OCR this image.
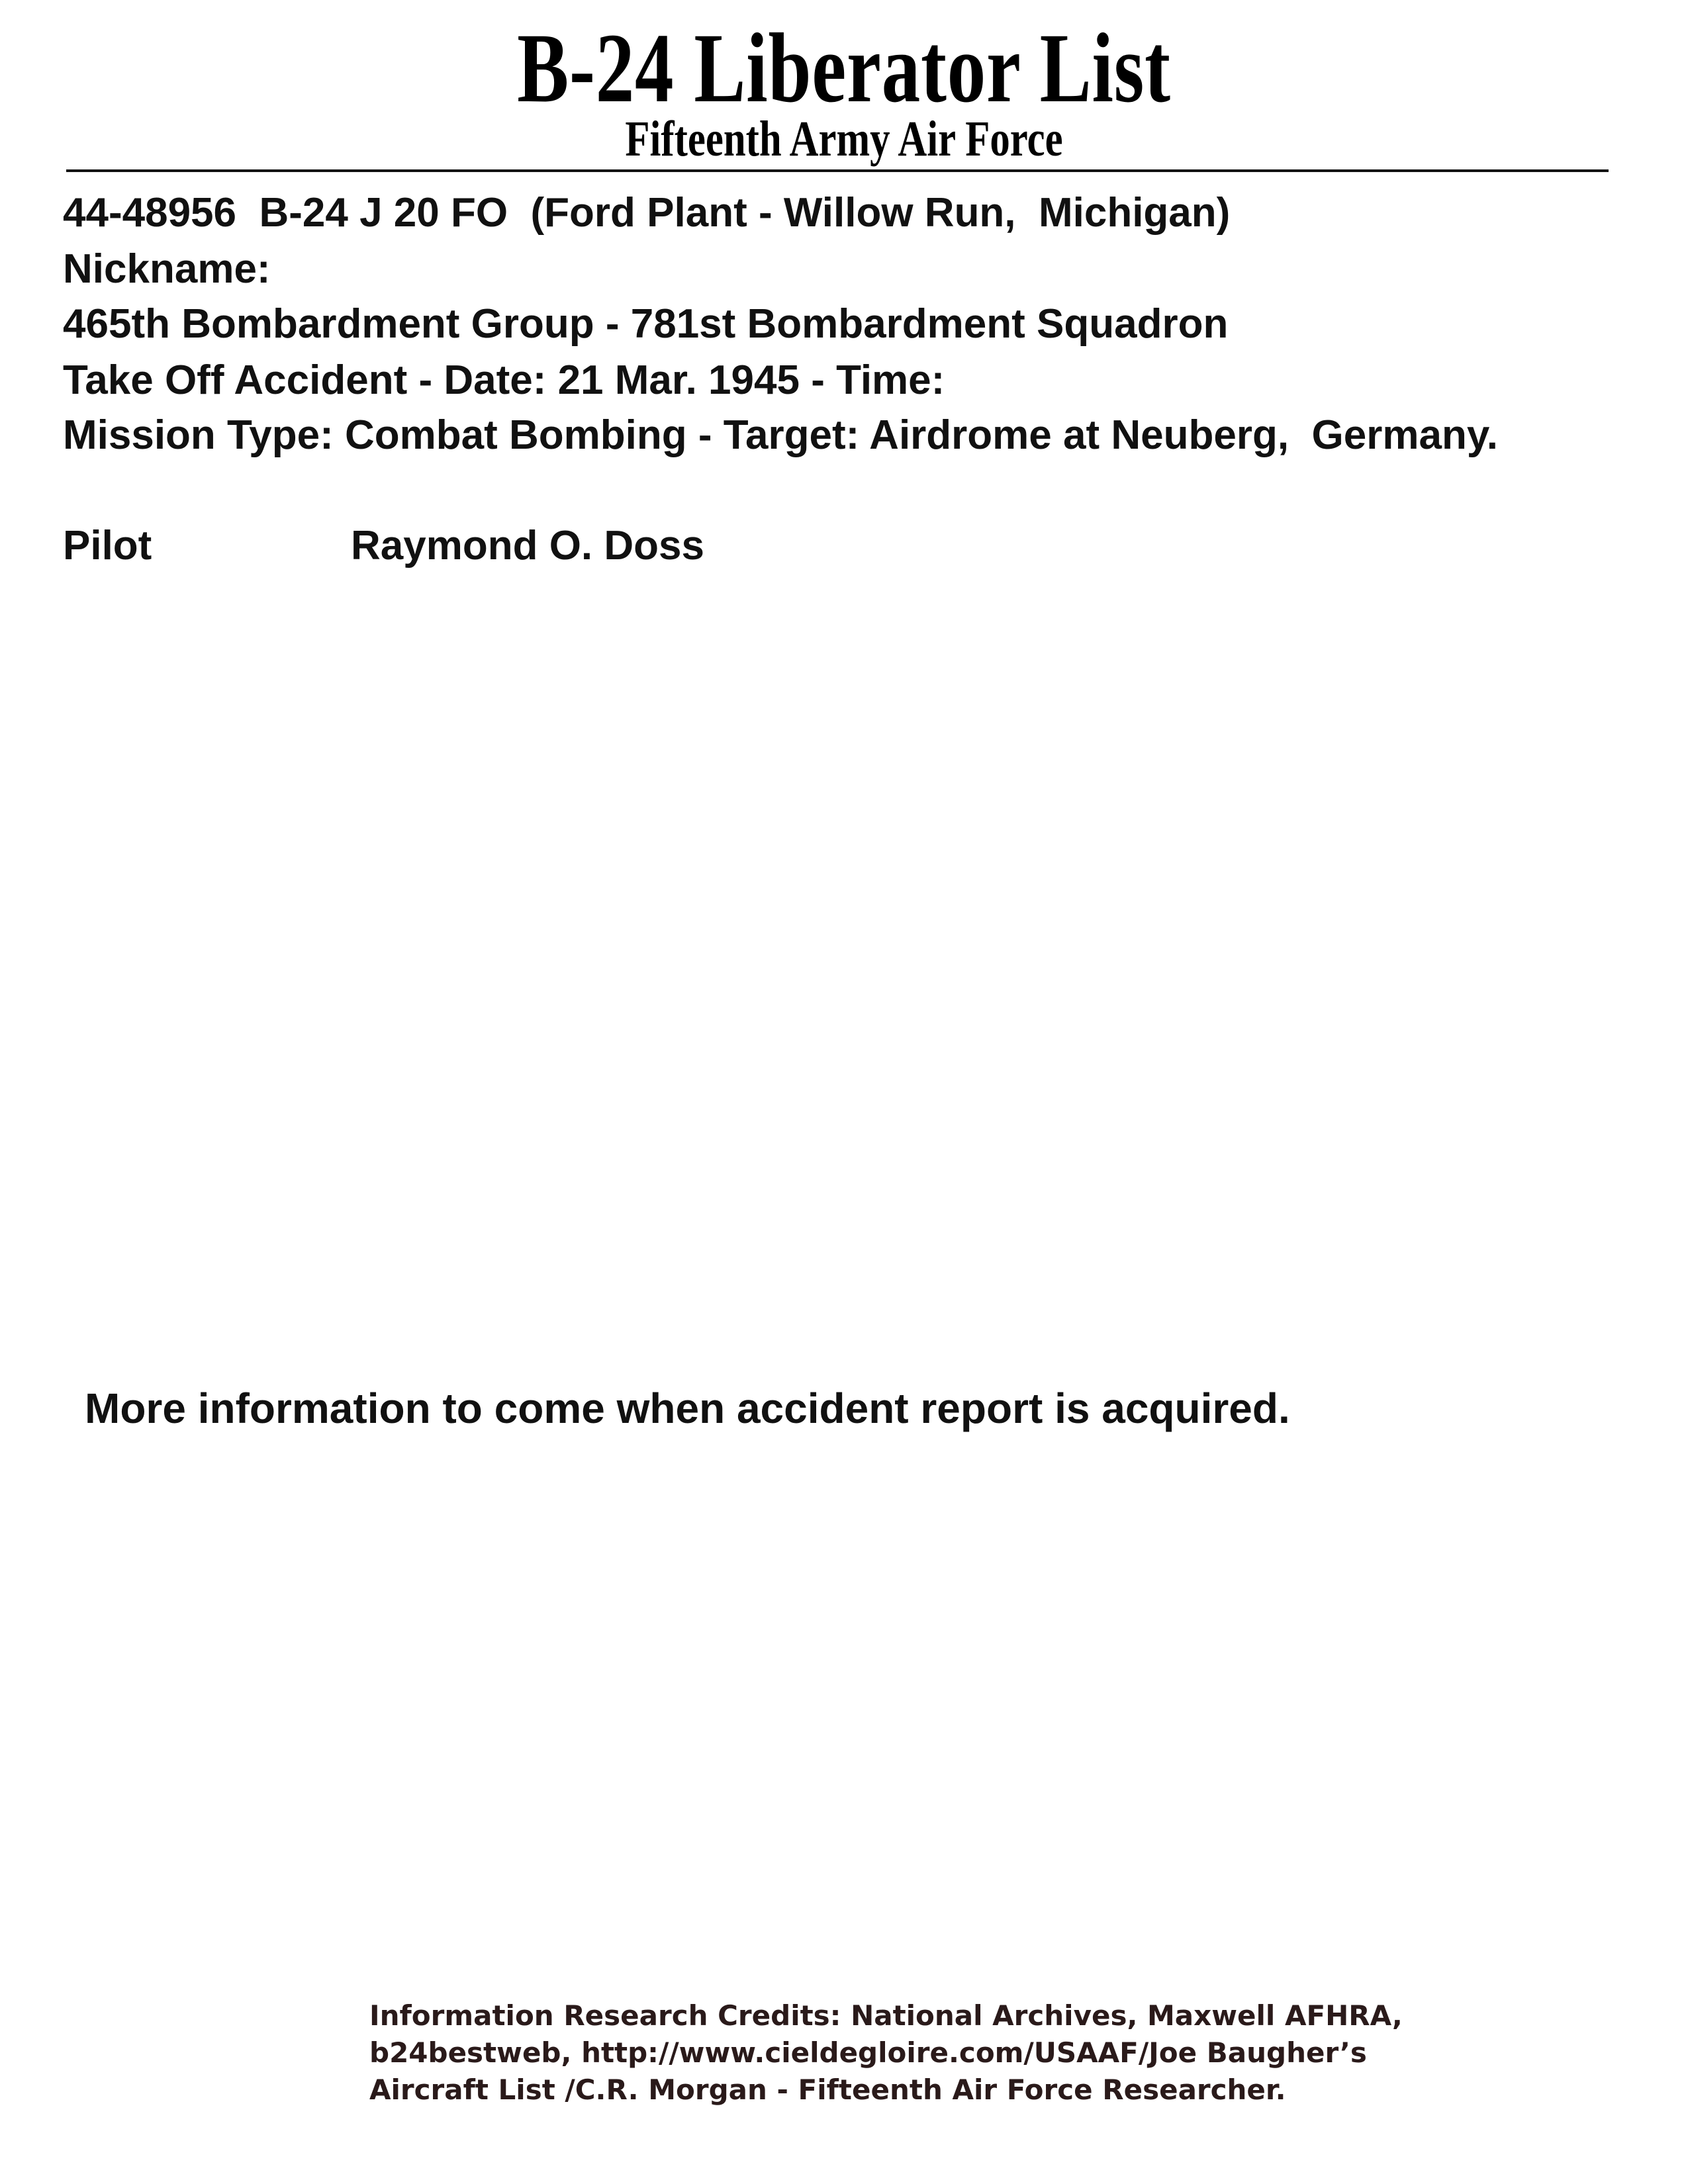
B-24 Liberator List
Fifteenth Army Air Force
44-48956  B-24 J 20 FO  (Ford Plant - Willow Run,  Michigan)
Nickname:
465th Bombardment Group - 781st Bombardment Squadron
Take Off Accident - Date: 21 Mar. 1945 - Time:
Mission Type: Combat Bombing - Target: Airdrome at Neuberg,  Germany.
Pilot	Raymond O. Doss
More information to come when accident report is acquired.
Information Research Credits: National Archives, Maxwell AFHRA,
b24bestweb, http://www.cieldegloire.com/USAAF/Joe Baugher’s
Aircraft List /C.R. Morgan - Fifteenth Air Force Researcher.
